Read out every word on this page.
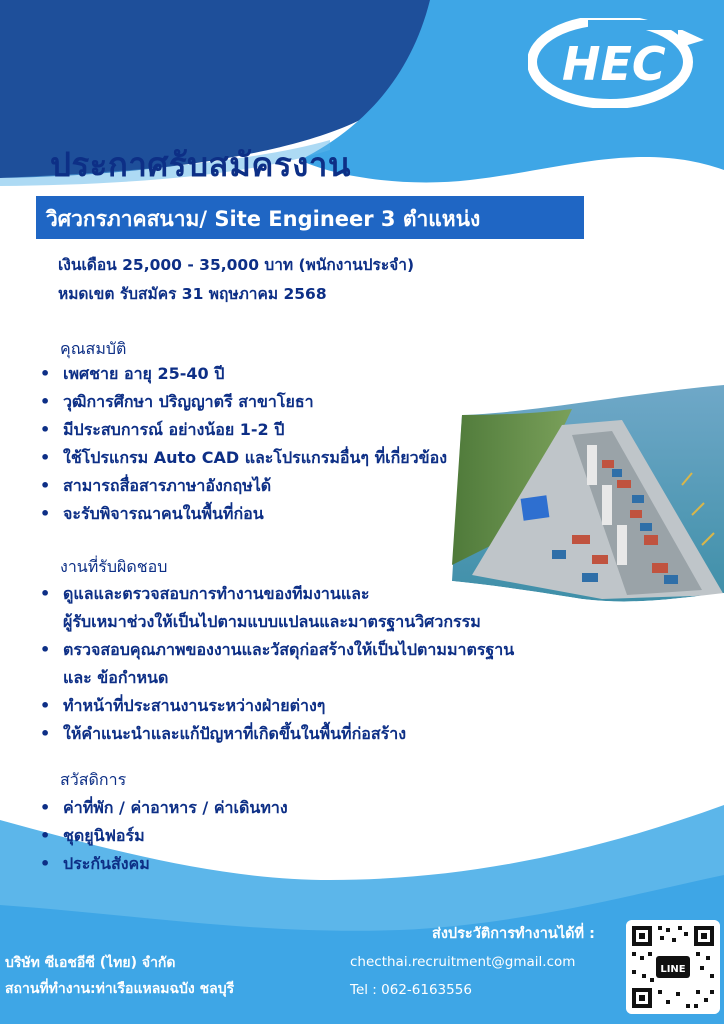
HEC
ประกาศรับสมัครงาน
วิศวกรภาคสนาม/ Site Engineer 3 ตำแหน่ง
เงินเดือน 25,000 - 35,000 บาท (พนักงานประจำ)
หมดเขต รับสมัคร 31 พฤษภาคม 2568
คุณสมบัติ
• เพศชาย อายุ 25-40 ปี
• วุฒิการศึกษา ปริญญาตรี สาขาโยธา
• มีประสบการณ์ อย่างน้อย 1-2 ปี
• ใช้โปรแกรม Auto CAD และโปรแกรมอื่นๆ ที่เกี่ยวข้อง
• สามารถสื่อสารภาษาอังกฤษได้
• จะรับพิจารณาคนในพื้นที่ก่อน
งานที่รับผิดชอบ
• ดูแลและตรวจสอบการทำงานของทีมงานและ
ผู้รับเหมาช่วงให้เป็นไปตามแบบแปลนและมาตรฐานวิศวกรรม
• ตรวจสอบคุณภาพของงานและวัสดุก่อสร้างให้เป็นไปตามมาตรฐาน
และ ข้อกำหนด
• ทำหน้าที่ประสานงานระหว่างฝ่ายต่างๆ
• ให้คำแนะนำและแก้ปัญหาที่เกิดขึ้นในพื้นที่ก่อสร้าง
สวัสดิการ
• ค่าที่พัก / ค่าอาหาร / ค่าเดินทาง
• ชุดยูนิฟอร์ม
• ประกันสังคม
บริษัท ซีเอชอีซี (ไทย) จำกัด
สถานที่ทำงาน:ท่าเรือแหลมฉบัง ชลบุรี
ส่งประวัติการทำงานได้ที่ :
checthai.recruitment@gmail.com
Tel : 062-6163556
LINE
